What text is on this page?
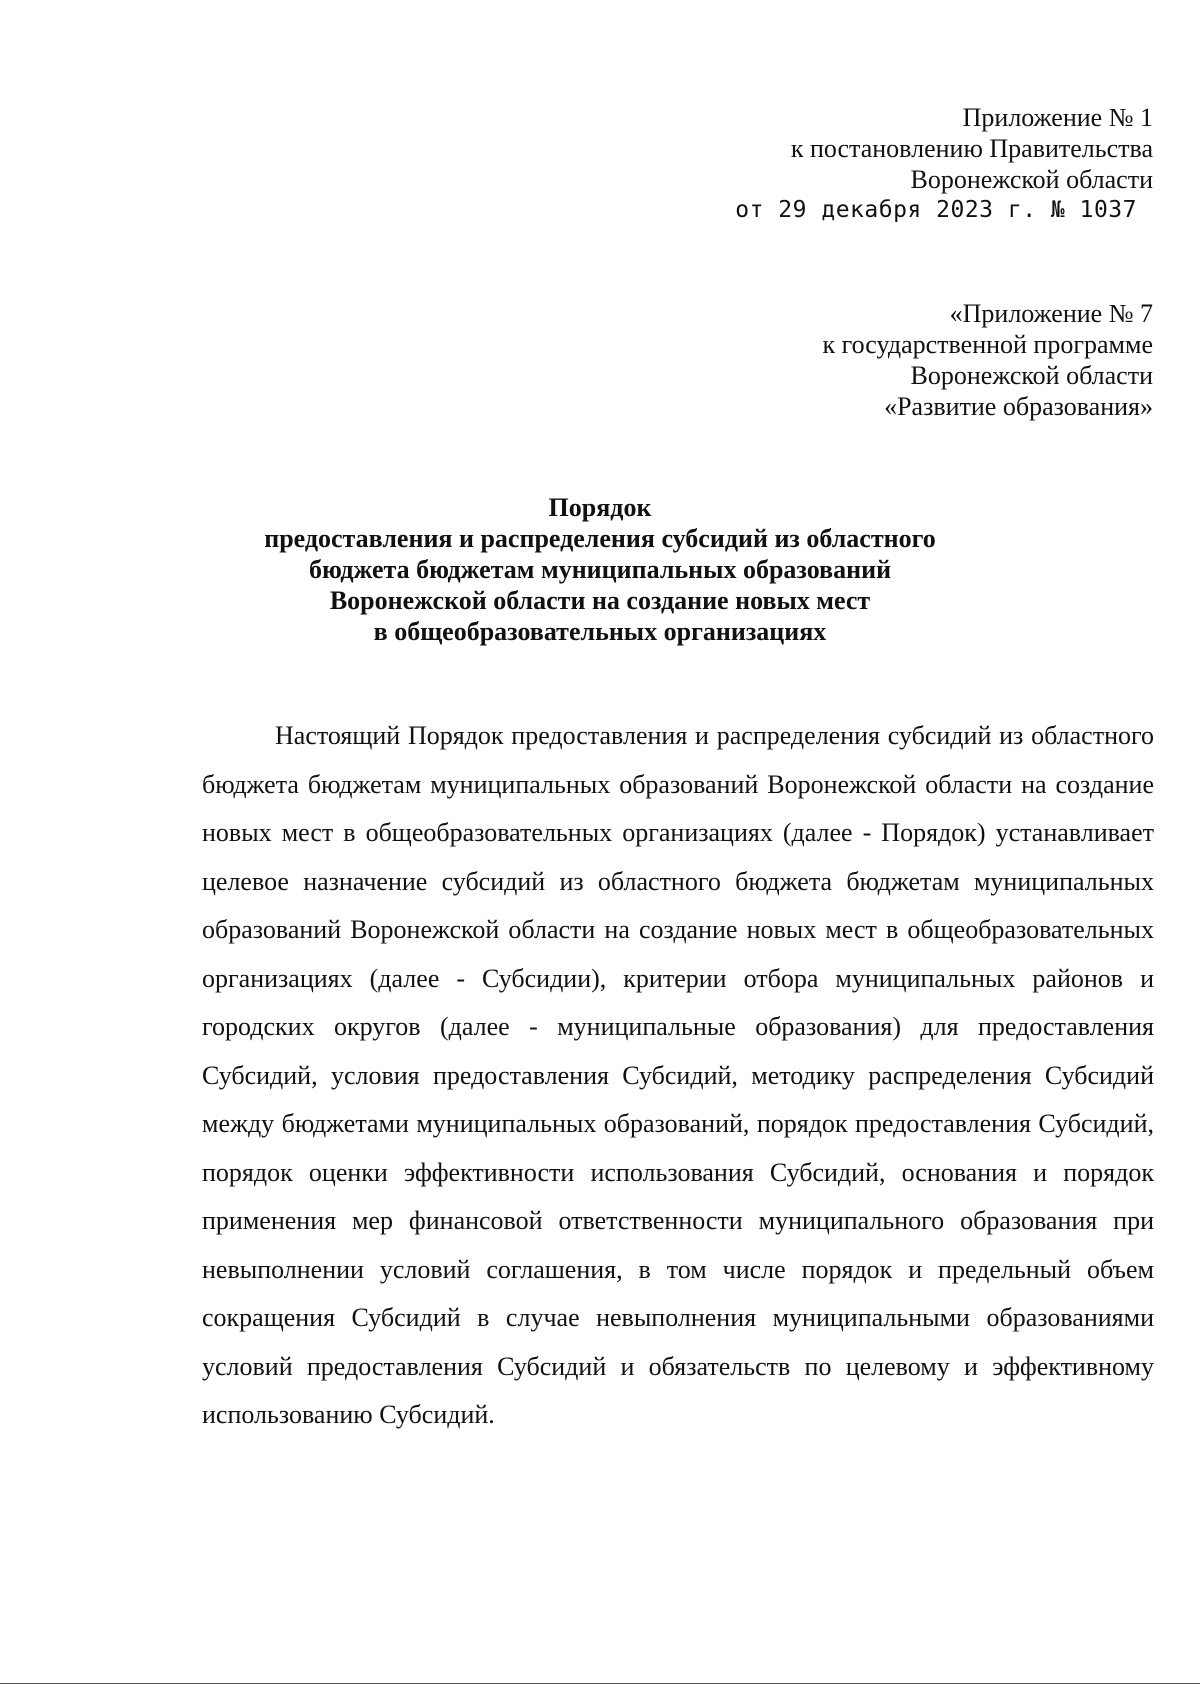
Приложение № 1
к постановлению Правительства
Воронежской области
от 29 декабря 2023 г. № 1037
«Приложение № 7
к государственной программе
Воронежской области
«Развитие образования»
Порядок
предоставления и распределения субсидий из областного
бюджета бюджетам муниципальных образований
Воронежской области на создание новых мест
в общеобразовательных организациях

Настоящий Порядок предоставления и распределения субсидий из областного бюджета бюджетам муниципальных образований Воронежской области на создание новых мест в общеобразовательных организациях (далее - Порядок) устанавливает целевое назначение субсидий из областного бюджета бюджетам муниципальных образований Воронежской области на создание новых мест в общеобразовательных организациях (далее - Субсидии), критерии отбора муниципальных районов и городских округов (далее - муниципальные образования) для предоставления Субсидий, условия предоставления Субсидий, методику распределения Субсидий между бюджетами муниципальных образований, порядок предоставления Субсидий, порядок оценки эффективности использования Субсидий, основания и порядок применения мер финансовой ответственности муниципального образования при невыполнении условий соглашения, в том числе порядок и предельный объем сокращения Субсидий в случае невыполнения муниципальными образованиями условий предоставления Субсидий и обязательств по целевому и эффективному использованию Субсидий.
